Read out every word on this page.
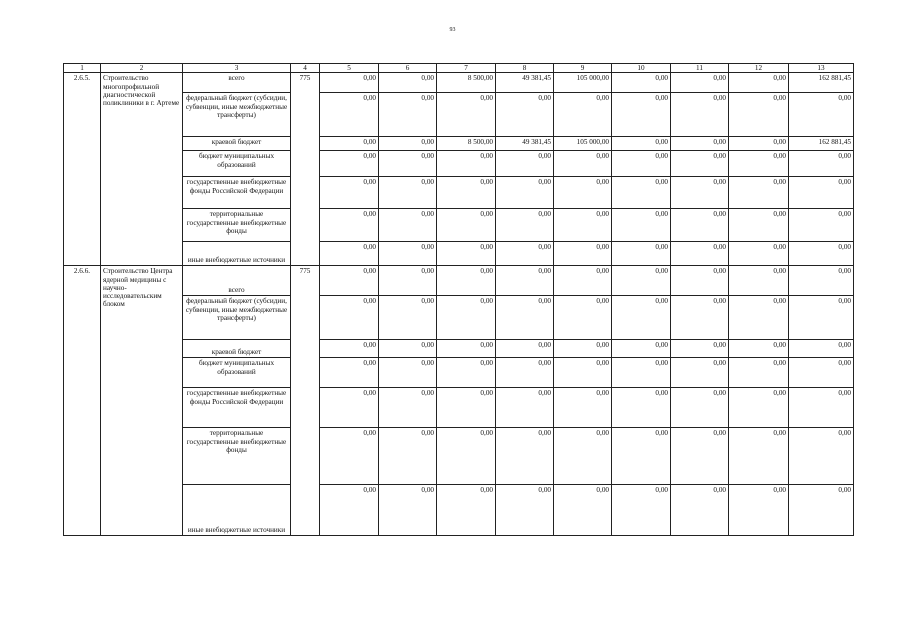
93
1	2	3	4	5	6	7	8	9	10	11	12	13
2.6.5.	Строительство многопрофильной диагностической поликлиники в г. Артеме	всего	775	0,00	0,00	8 500,00	49 381,45	105 000,00	0,00	0,00	0,00	162 881,45
		федеральный бюджет (субсидии, субвенции, иные межбюджетные трансферты)		0,00	0,00	0,00	0,00	0,00	0,00	0,00	0,00	0,00
		краевой бюджет		0,00	0,00	8 500,00	49 381,45	105 000,00	0,00	0,00	0,00	162 881,45
		бюджет муниципальных образований		0,00	0,00	0,00	0,00	0,00	0,00	0,00	0,00	0,00
		государственные внебюджетные фонды Российской Федерации		0,00	0,00	0,00	0,00	0,00	0,00	0,00	0,00	0,00
		территориальные государственные внебюджетные фонды		0,00	0,00	0,00	0,00	0,00	0,00	0,00	0,00	0,00
		иные внебюджетные источники		0,00	0,00	0,00	0,00	0,00	0,00	0,00	0,00	0,00
2.6.6.	Строительство Центра ядерной медицины с научно-исследовательским блоком	всего	775	0,00	0,00	0,00	0,00	0,00	0,00	0,00	0,00	0,00
		федеральный бюджет (субсидии, субвенции, иные межбюджетные трансферты)		0,00	0,00	0,00	0,00	0,00	0,00	0,00	0,00	0,00
		краевой бюджет		0,00	0,00	0,00	0,00	0,00	0,00	0,00	0,00	0,00
		бюджет муниципальных образований		0,00	0,00	0,00	0,00	0,00	0,00	0,00	0,00	0,00
		государственные внебюджетные фонды Российской Федерации		0,00	0,00	0,00	0,00	0,00	0,00	0,00	0,00	0,00
		территориальные государственные внебюджетные фонды		0,00	0,00	0,00	0,00	0,00	0,00	0,00	0,00	0,00
		иные внебюджетные источники		0,00	0,00	0,00	0,00	0,00	0,00	0,00	0,00	0,00
